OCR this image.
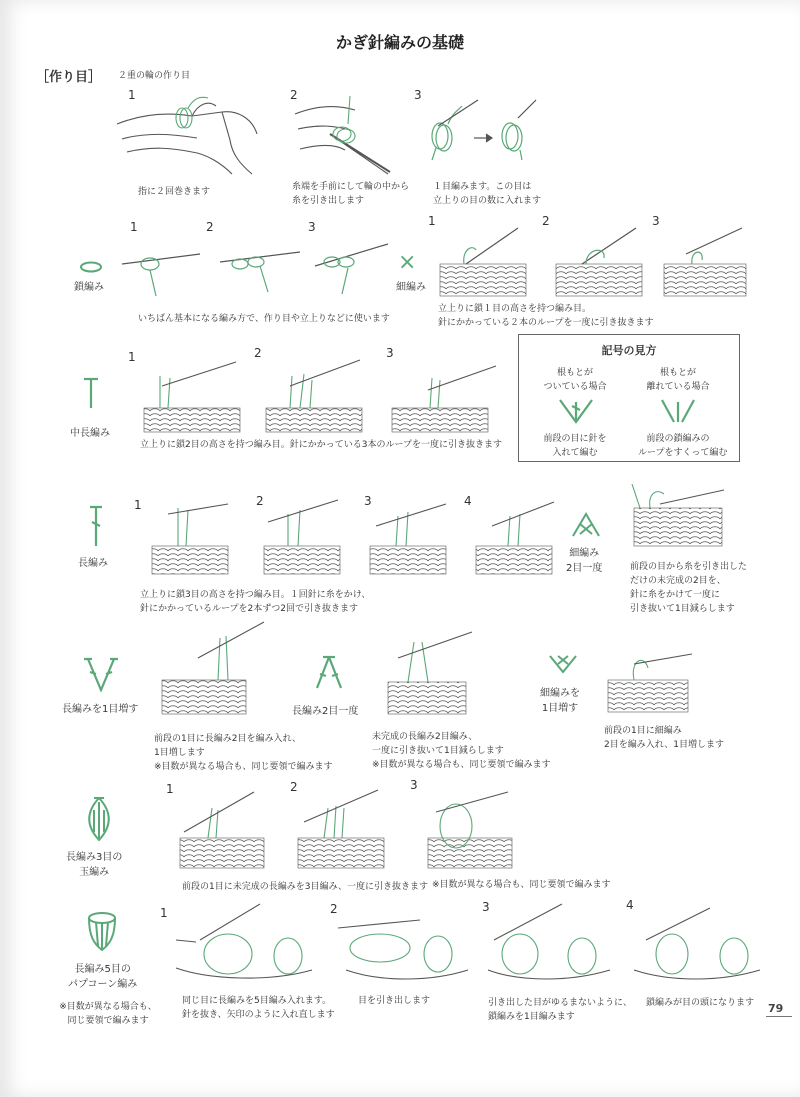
かぎ針編みの基礎
［作り目］ ２重の輪の作り目
1
指に２回巻きます
2
糸端を手前にして輪の中から
糸を引き出します
3
１目編みます。この目は
立上りの目の数に入れます
鎖編み
1	2	3
いちばん基本になる編み方で、作り目や立上りなどに使います
×
細編み
1	2	3
立上りに鎖１目の高さを持つ編み目。
針にかかっている２本のループを一度に引き抜きます
記号の見方
根もとが
ついている場合
根もとが
離れている場合
前段の目に針を
入れて編む
前段の鎖編みの
ループをすくって編む
中長編み
1	2	3
立上りに鎖2目の高さを持つ編み目。針にかかっている3本のループを一度に引き抜きます
長編み
1	2	3	4
立上りに鎖3目の高さを持つ編み目。１回針に糸をかけ、
針にかかっているループを2本ずつ2回で引き抜きます
細編み
2目一度	前段の目から糸を引き出した
だけの未完成の2目を、
針に糸をかけて一度に
引き抜いて1目減らします
長編みを1目増す
前段の1目に長編み2目を編み入れ、
1目増します
※目数が異なる場合も、同じ要領で編みます
長編み2目一度
未完成の長編み2目編み、
一度に引き抜いて1目減らします
※目数が異なる場合も、同じ要領で編みます
細編みを
1目増す
前段の1目に細編み
2目を編み入れ、1目増します
長編み3目の
玉編み
1	2	3
前段の1目に未完成の長編みを3目編み、一度に引き抜きます ※目数が異なる場合も、同じ要領で編みます
長編み5目の
パプコーン編み
※目数が異なる場合も、
同じ要領で編みます
1	2	3	4
同じ目に長編みを5目編み入れます。
針を抜き、矢印のように入れ直します
目を引き出します	引き出した目がゆるまないように、
鎖編みを1目編みます
鎖編みが目の頭になります 79
